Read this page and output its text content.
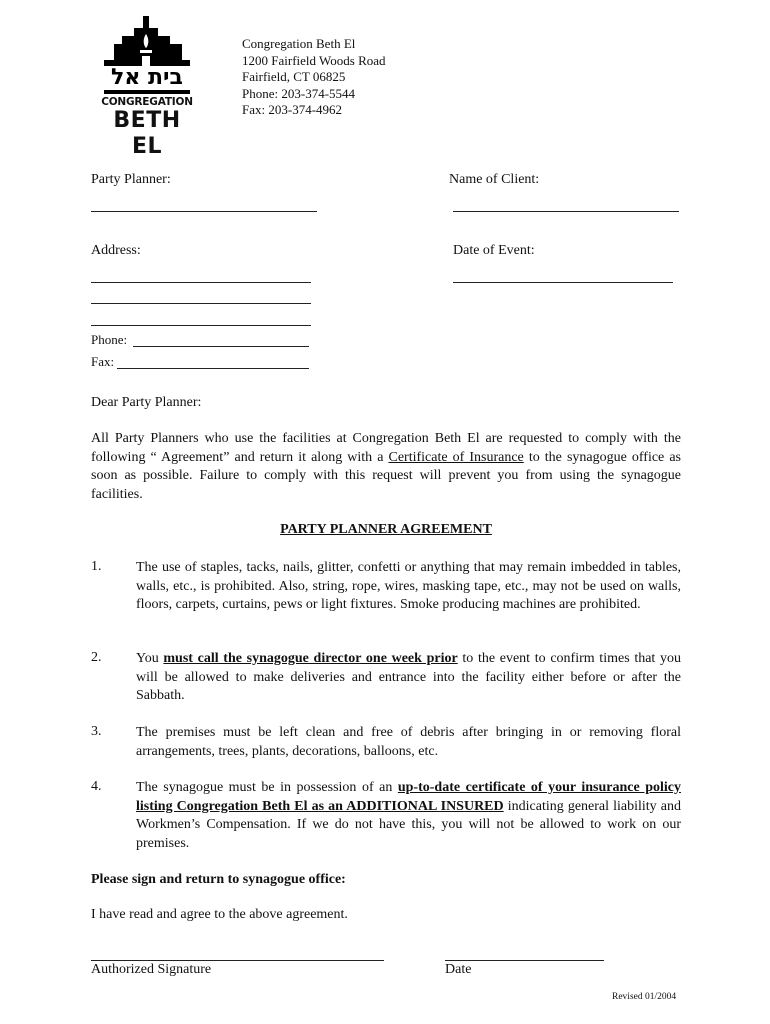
בית אל
CONGREGATION
BETH EL
Congregation Beth El
1200 Fairfield Woods Road
Fairfield, CT 06825
Phone: 203-374-5544
Fax: 203-374-4962
Party Planner:	Name of Client:
Address:	Date of Event:
Phone:
Fax:
Dear Party Planner:
All Party Planners who use the facilities at Congregation Beth El are requested to comply with the following “ Agreement” and return it along with a Certificate of Insurance to the synagogue office as soon as possible. Failure to comply with this request will prevent you from using the synagogue facilities.
PARTY PLANNER AGREEMENT
1. The use of staples, tacks, nails, glitter, confetti or anything that may remain imbedded in tables, walls, etc., is prohibited. Also, string, rope, wires, masking tape, etc., may not be used on walls, floors, carpets, curtains, pews or light fixtures. Smoke producing machines are prohibited.
2. You must call the synagogue director one week prior to the event to confirm times that you will be allowed to make deliveries and entrance into the facility either before or after the Sabbath.
3. The premises must be left clean and free of debris after bringing in or removing floral arrangements, trees, plants, decorations, balloons, etc.
4. The synagogue must be in possession of an up-to-date certificate of your insurance policy listing Congregation Beth El as an ADDITIONAL INSURED indicating general liability and Workmen’s Compensation. If we do not have this, you will not be allowed to work on our premises.
Please sign and return to synagogue office:
I have read and agree to the above agreement.
Authorized Signature	Date
Revised 01/2004
